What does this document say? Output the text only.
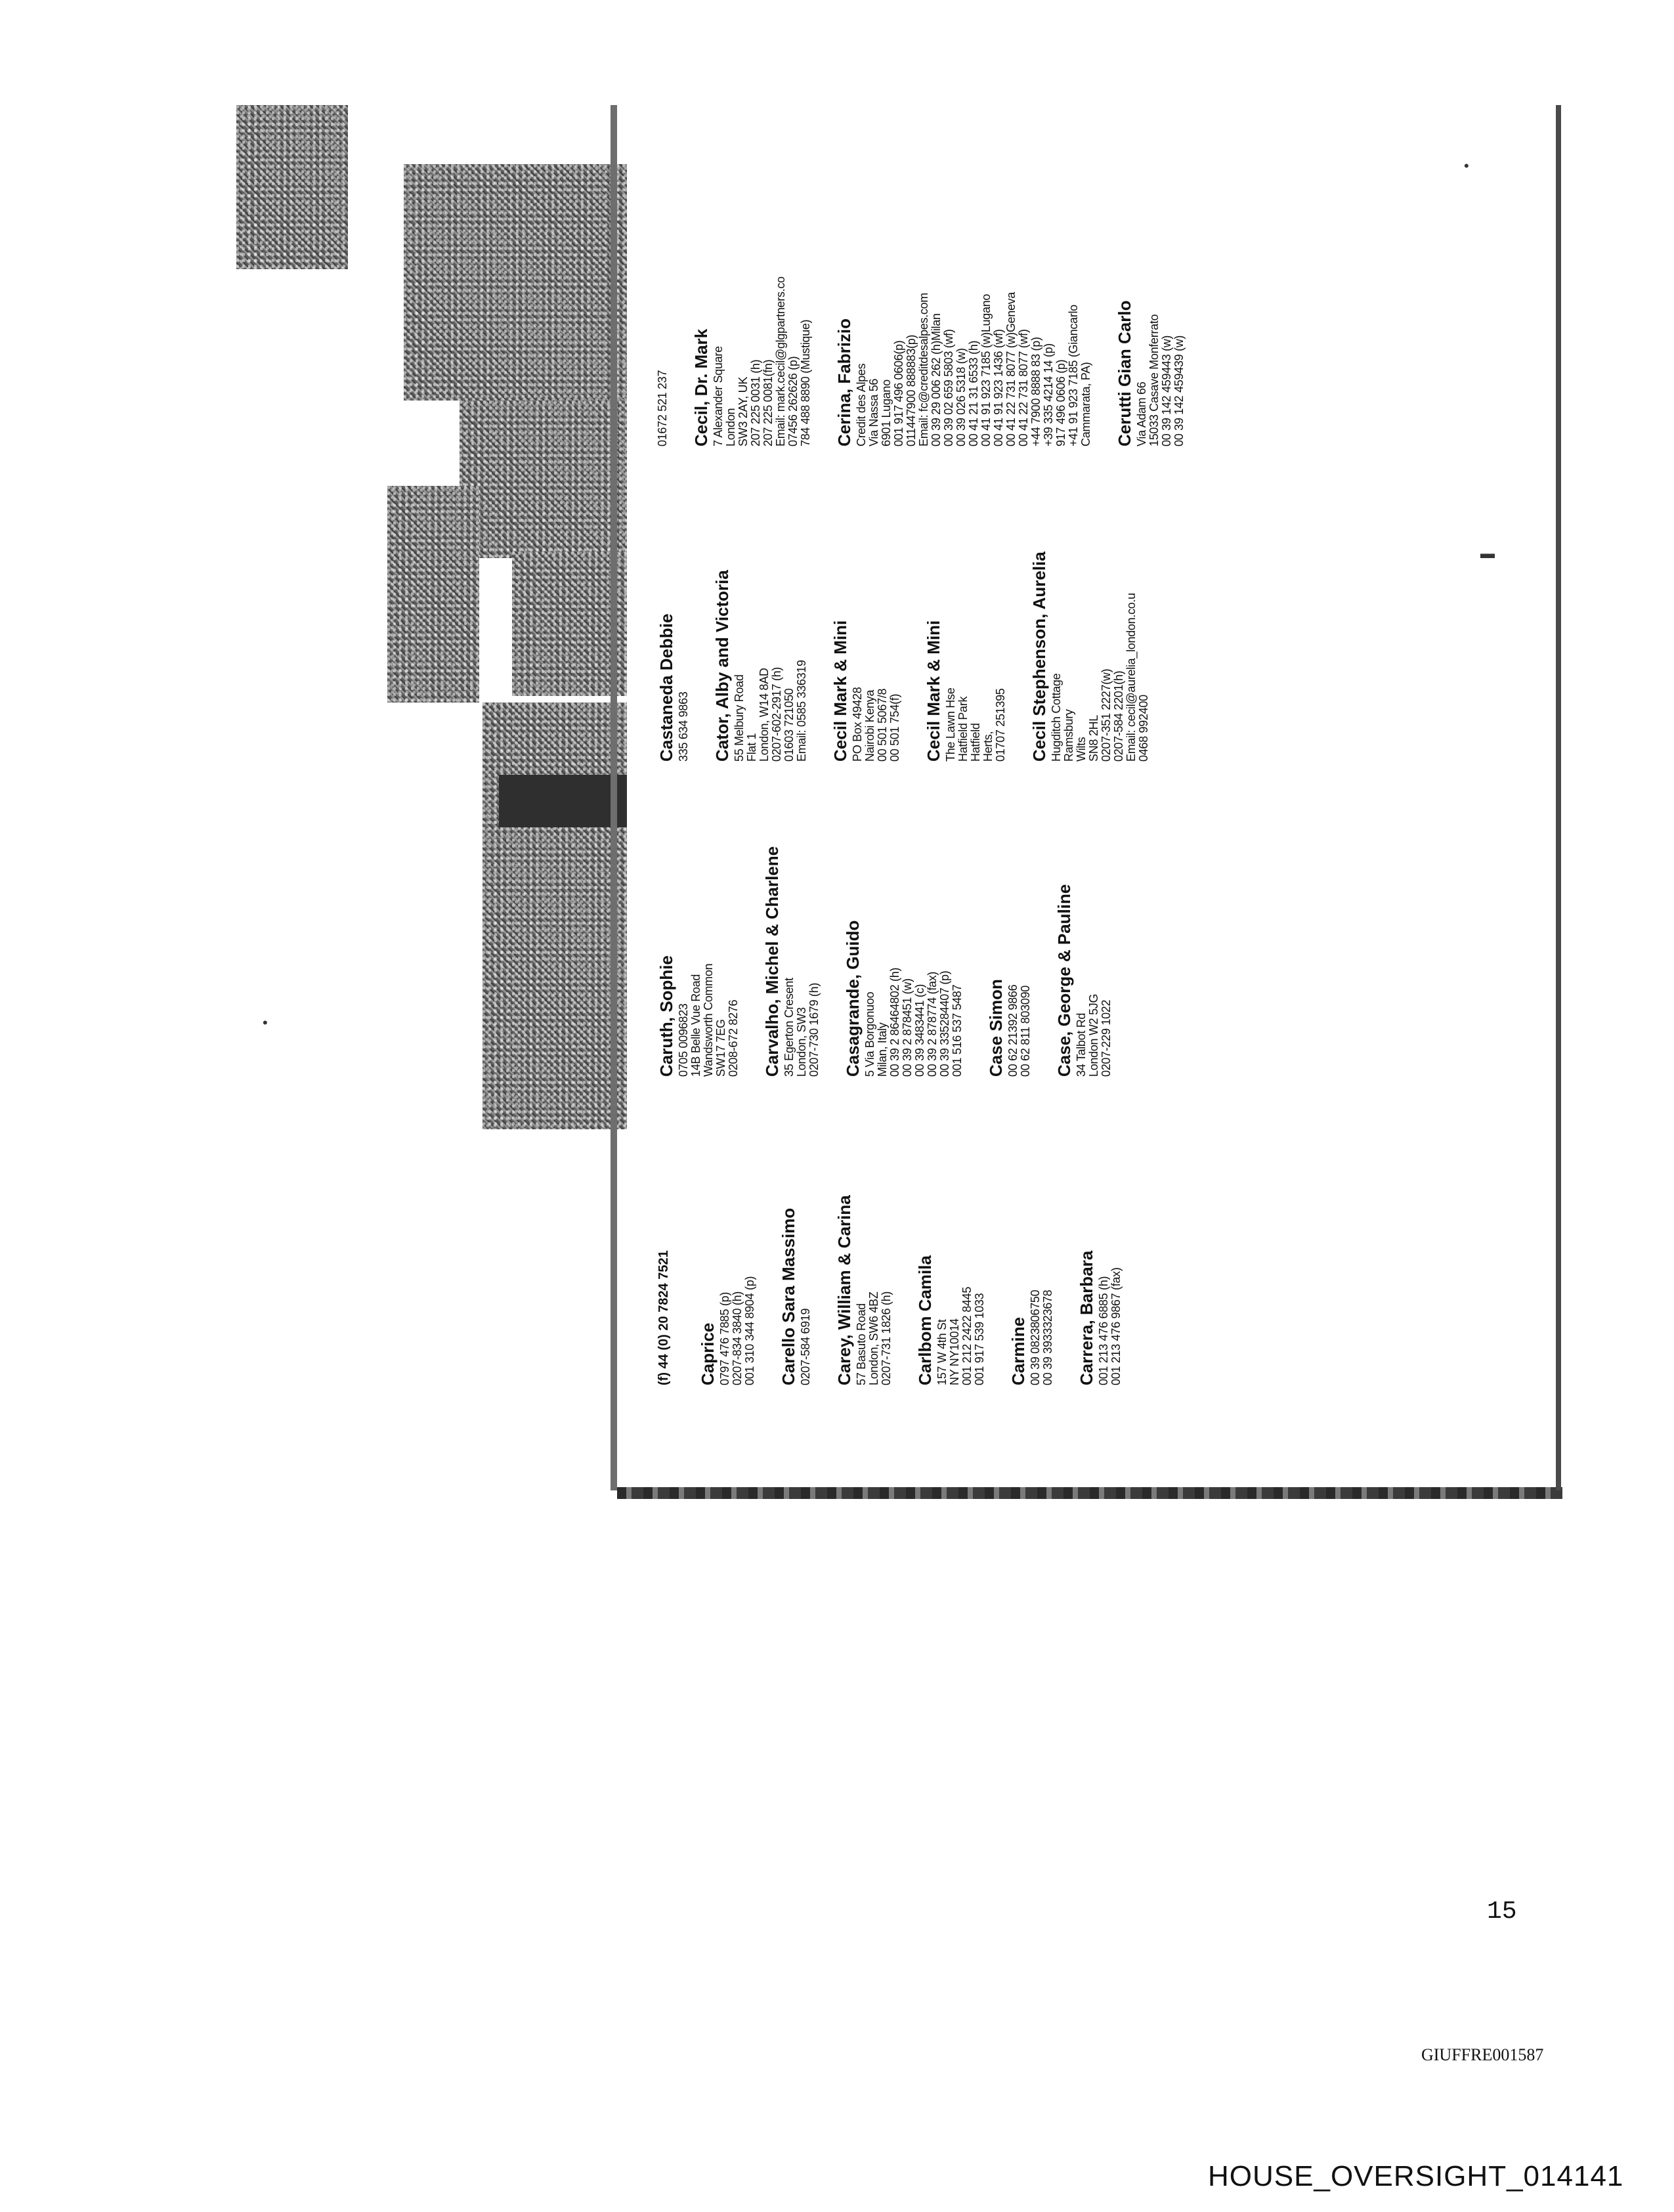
•
▬
•
(f) 44 (0) 20 7824 7521 Caprice 0797 476 7885 (p) 0207-834 3840 (h) 001 310 344 8904 (p) Carello Sara Massimo 0207-584 6919 Carey, William & Carina 57 Basuto Road London, SW6 4BZ 0207-731 1826 (h) Carlbom Camila 157 W 4th St NY NY10014 001 212 2422 8445 001 917 539 1033 Carmine 00 39 0823806750 00 39 3933323678 Carrera, Barbara 001 213 476 6885 (h) 001 213 476 9867 (fax)
Caruth, Sophie 0705 0096823 14B Belle Vue Road Wandsworth Common SW17 7EG 0208-672 8276 Carvalho, Michel & Charlene 35 Egerton Cresent London, SW3 0207-730 1679 (h) Casagrande, Guido 5 Via Borgonuoo Milan, Italy 00 39 2 86464802 (h) 00 39 2 878451 (w) 00 39 3483441 (c) 00 39 2 878774 (fax) 00 39 335284407 (p) 001 516 537 5487 Case Simon 00 62 21392 9866 00 62 811 803090 Case, George & Pauline 34 Talbot Rd London W2 5JG 0207-229 1022
Castaneda Debbie 335 634 9863 Cator, Alby and Victoria 55 Melbury Road Flat 1 London, W14 8AD 0207-602-2917 (h) 01603 721050 Email: 0585 336319 Cecil Mark & Mini PO Box 49428 Nairobi Kenya 00 501 5067/8 00 501 754(f) Cecil Mark & Mini The Lawn Hse Hatfield Park Hatfield Herts, 01707 251395 Cecil Stephenson, Aurelia Hugditch Cottage Ramsbury Wilts SN8 2HL 0207-351 2227(w) 0207-584 2201(h) Email: cecil@aurelia_london.co.u 0468 992400
01672 521 237 Cecil, Dr. Mark 7 Alexander Square London SW3 2AY, UK 207 225 0031 (h) 207 225 0081(fn) Email: mark.cecil@glgpartners.co 07456 262626 (p) 784 488 8890 (Mustique) Cerina, Fabrizio Credit des Alpes Via Nassa 56 6901 Lugano 001 917 496 0606(p) 011447900 888883(p) Email: fc@creditdesalpes.com 00 39 29 006 262 (h)Milan 00 39 02 659 5803 (wf) 00 39 026 5318 (w) 00 41 21 31 6533 (h) 00 41 91 923 7185 (w)Lugano 00 41 91 923 1436 (wf) 00 41 22 731 8077 (w)Geneva 00 41 22 731 8077 (wf) +44 7900 8888 83 (p) +39 335 4214 14 (p) 917 496 0606 (p) +41 91 923 7185 (Giancarlo Cammarata, PA) Cerutti Gian Carlo Via Adam 66 15033 Casave Monferrato 00 39 142 459443 (w) 00 39 142 459439 (w)
15
GIUFFRE001587
HOUSE_OVERSIGHT_014141
